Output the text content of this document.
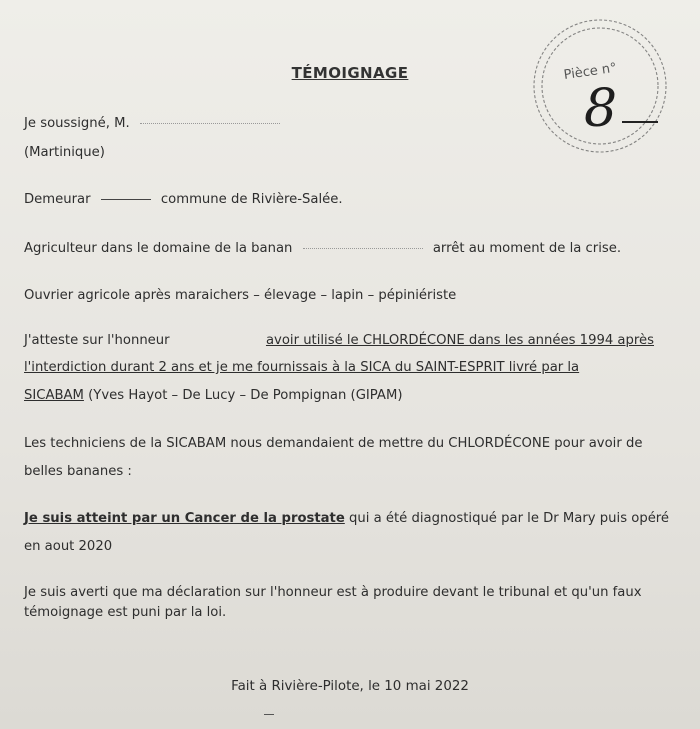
TÉMOIGNAGE	Pièce n°
8
Je soussigné, M.
(Martinique)
Demeurar	commune de Rivière-Salée.
Agriculteur dans le domaine de la banan	arrêt au moment de la crise.
Ouvrier agricole après maraichers – élevage – lapin – pépiniériste
J'atteste sur l'honneur	avoir utilisé le CHLORDÉCONE dans les années 1994 après
l'interdiction durant 2 ans et je me fournissais à la SICA du SAINT-ESPRIT livré par la
SICABAM (Yves Hayot – De Lucy – De Pompignan (GIPAM)
Les techniciens de la SICABAM nous demandaient de mettre du CHLORDÉCONE pour avoir de
belles bananes :
Je suis atteint par un Cancer de la prostate qui a été diagnostiqué par le Dr Mary puis opéré
en aout 2020
Je suis averti que ma déclaration sur l'honneur est à produire devant le tribunal et qu'un faux
témoignage est puni par la loi.
Fait à Rivière-Pilote, le 10 mai 2022
